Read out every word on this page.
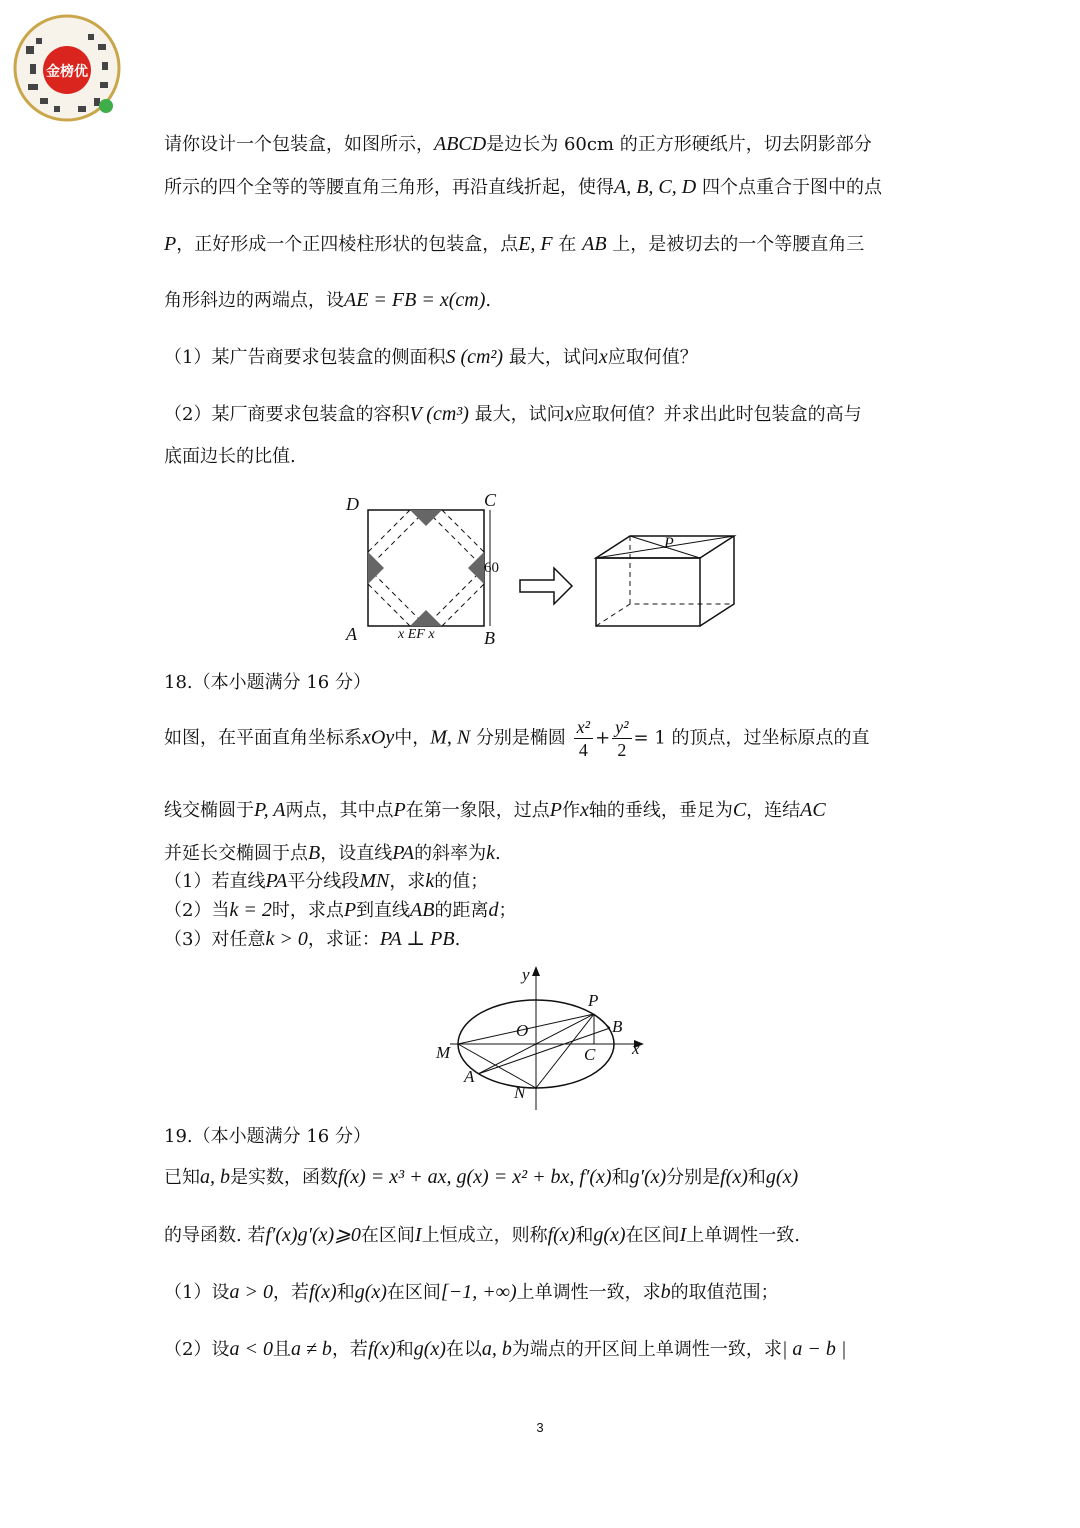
金榜优
请你设计一个包装盒，如图所示，ABCD是边长为 60cm 的正方形硬纸片，切去阴影部分
所示的四个全等的等腰直角三角形，再沿直线折起，使得A, B, C, D 四个点重合于图中的点
P，正好形成一个正四棱柱形状的包装盒，点E, F 在 AB 上，是被切去的一个等腰直角三
角形斜边的两端点，设AE = FB = x(cm).
（1）某广告商要求包装盒的侧面积S (cm²) 最大，试问x应取何值？
（2）某厂商要求包装盒的容积V (cm³) 最大，试问x应取何值？并求出此时包装盒的高与
底面边长的比值.
D	C
A	B
60
x EF x
P
18.（本小题满分 16 分）
如图，在平面直角坐标系xOy中，M, N 分别是椭圆 $\frac{\text{x²}}{4} + \frac{\text{y²}}{2} = 1$ 的顶点，过坐标原点的直
线交椭圆于P, A两点，其中点P在第一象限，过点P作x轴的垂线，垂足为C，连结AC
并延长交椭圆于点B，设直线PA的斜率为k.
（1）若直线PA平分线段MN，求k的值；
（2）当k = 2时，求点P到直线AB的距离d；
（3）对任意k > 0，求证：PA ⊥ PB.
y
x
O
P
B
C
M
A
N
19.（本小题满分 16 分）
已知a, b是实数，函数f(x) = x³ + ax, g(x) = x² + bx, f′(x)和g′(x)分别是f(x)和g(x)
的导函数. 若f′(x)g′(x)⩾0在区间I上恒成立，则称f(x)和g(x)在区间I上单调性一致.
（1）设a > 0，若f(x)和g(x)在区间[−1, +∞)上单调性一致，求b的取值范围；
（2）设a < 0且a ≠ b，若f(x)和g(x)在以a, b为端点的开区间上单调性一致，求| a − b |
3
